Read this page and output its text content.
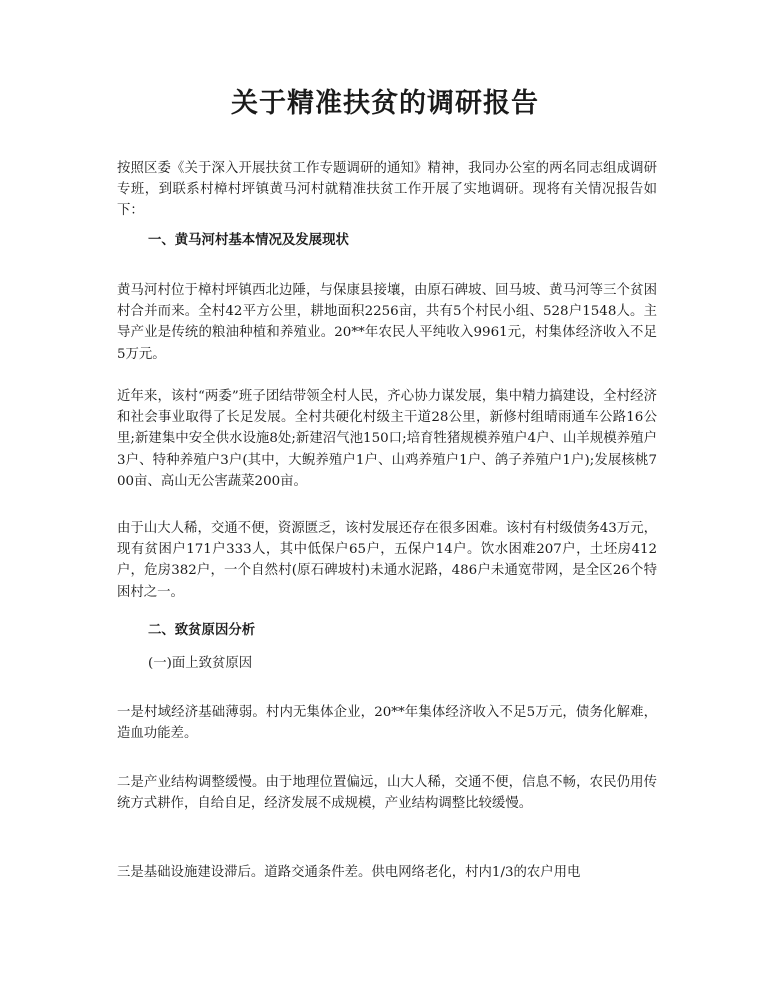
关于精准扶贫的调研报告

按照区委《关于深入开展扶贫工作专题调研的通知》精神，我同办公室的两名同志组成调研专班，到联系村樟村坪镇黄马河村就精准扶贫工作开展了实地调研。现将有关情况报告如下：

一、黄马河村基本情况及发展现状

黄马河村位于樟村坪镇西北边陲，与保康县接壤，由原石碑坡、回马坡、黄马河等三个贫困村合并而来。全村42平方公里，耕地面积2256亩，共有5个村民小组、528户1548人。主导产业是传统的粮油种植和养殖业。20**年农民人平纯收入9961元，村集体经济收入不足5万元。

近年来，该村“两委”班子团结带领全村人民，齐心协力谋发展，集中精力搞建设，全村经济和社会事业取得了长足发展。全村共硬化村级主干道28公里，新修村组晴雨通车公路16公里;新建集中安全供水设施8处;新建沼气池150口;培育牲猪规模养殖户4户、山羊规模养殖户3户、特种养殖户3户(其中，大鲵养殖户1户、山鸡养殖户1户、鸽子养殖户1户);发展核桃700亩、高山无公害蔬菜200亩。

由于山大人稀，交通不便，资源匮乏，该村发展还存在很多困难。该村有村级债务43万元，现有贫困户171户333人，其中低保户65户，五保户14户。饮水困难207户，土坯房412户，危房382户，一个自然村(原石碑坡村)未通水泥路，486户未通宽带网，是全区26个特困村之一。

二、致贫原因分析

(一)面上致贫原因

一是村域经济基础薄弱。村内无集体企业，20**年集体经济收入不足5万元，债务化解难，造血功能差。

二是产业结构调整缓慢。由于地理位置偏远，山大人稀，交通不便，信息不畅，农民仍用传统方式耕作，自给自足，经济发展不成规模，产业结构调整比较缓慢。

三是基础设施建设滞后。道路交通条件差。供电网络老化，村内1/3的农户用电
